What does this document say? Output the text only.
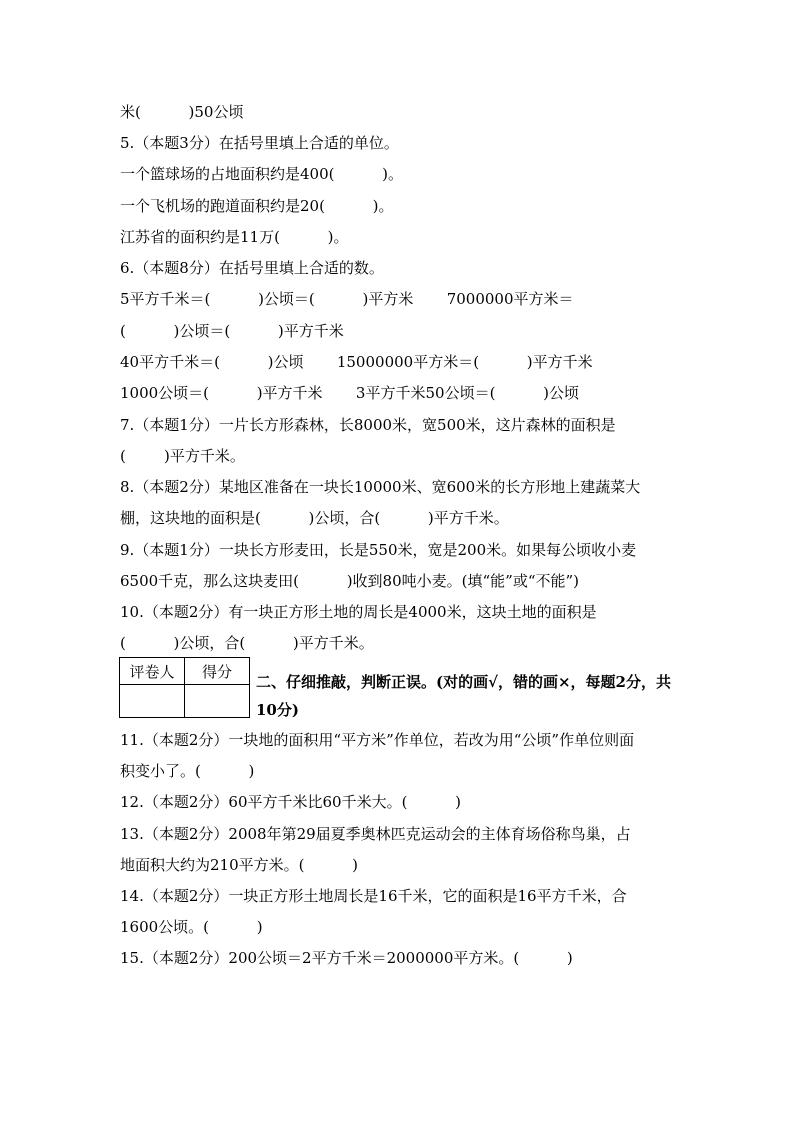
米(          )50公顷
5.（本题3分）在括号里填上合适的单位。
一个篮球场的占地面积约是400(          )。
一个飞机场的跑道面积约是20(          )。
江苏省的面积约是11万(          )。
6.（本题8分）在括号里填上合适的数。
5平方千米＝(          )公顷＝(          )平方米       7000000平方米＝
(          )公顷＝(          )平方千米
40平方千米＝(          )公顷       15000000平方米＝(          )平方千米
1000公顷＝(          )平方千米       3平方千米50公顷＝(          )公顷
7.（本题1分）一片长方形森林，长8000米，宽500米，这片森林的面积是
(        )平方千米。
8.（本题2分）某地区准备在一块长10000米、宽600米的长方形地上建蔬菜大
棚，这块地的面积是(          )公顷，合(          )平方千米。
9.（本题1分）一块长方形麦田，长是550米，宽是200米。如果每公顷收小麦
6500千克，那么这块麦田(          )收到80吨小麦。(填“能”或“不能”)
10.（本题2分）有一块正方形土地的周长是4000米，这块土地的面积是
(          )公顷，合(          )平方千米。
评卷人	得分

二、仔细推敲，判断正误。(对的画√，错的画×，每题2分，共10分)
11.（本题2分）一块地的面积用“平方米”作单位，若改为用“公顷”作单位则面
积变小了。(          )
12.（本题2分）60平方千米比60千米大。(          )
13.（本题2分）2008年第29届夏季奥林匹克运动会的主体育场俗称鸟巢，占
地面积大约为210平方米。(          )
14.（本题2分）一块正方形土地周长是16千米，它的面积是16平方千米，合
1600公顷。(          )
15.（本题2分）200公顷＝2平方千米＝2000000平方米。(          )
